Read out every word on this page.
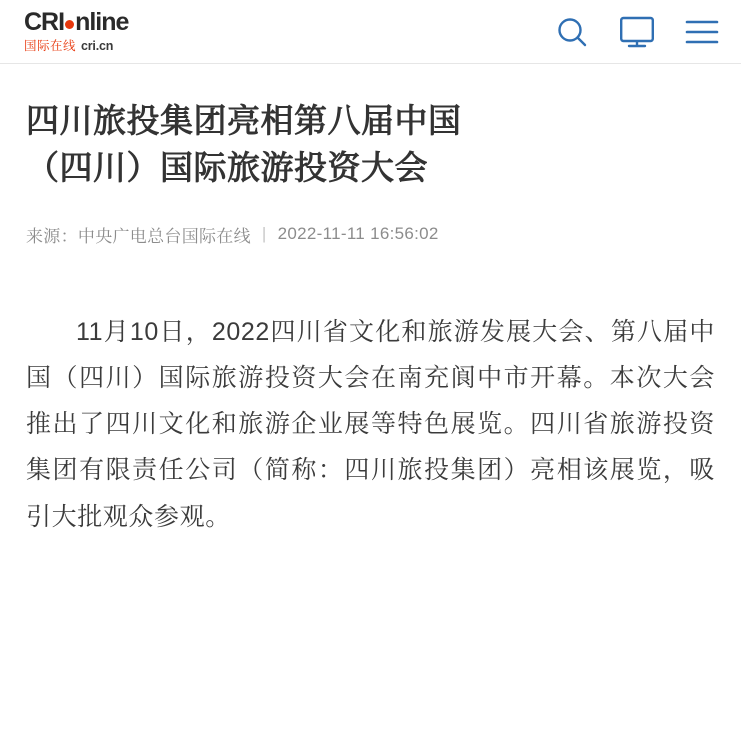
CRI nline
国际在线 cri.cn
四川旅投集团亮相第八届中国
（四川）国际旅游投资大会
来源： 中央广电总台国际在线 | 2022-11-11 16:56:02

11月10日，2022四川省文化和旅游发展大会、第八届中国（四川）国际旅游投资大会在南充阆中市开幕。本次大会推出了四川文化和旅游企业展等特色展览。四川省旅游投资集团有限责任公司（简称：四川旅投集团）亮相该展览，吸引大批观众参观。
